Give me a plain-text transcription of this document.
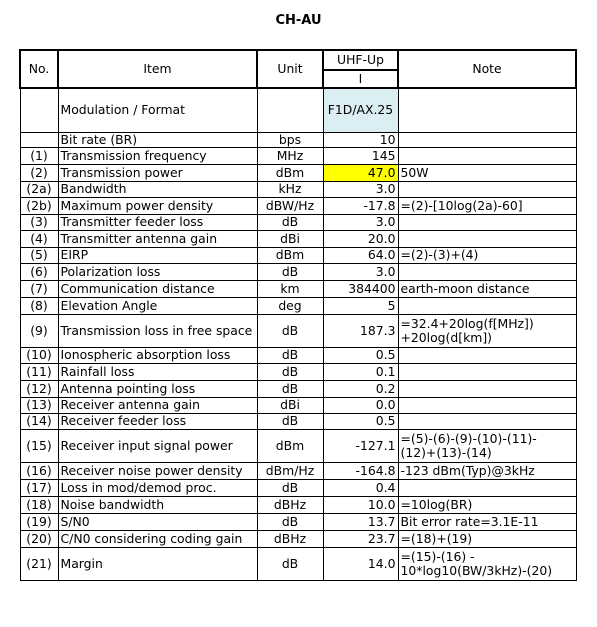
CH-AU
No.	Item	Unit	UHF-Up	Note
			I	
	Modulation / Format		F1D/AX.25	
	Bit rate (BR)	bps	10	
(1)	Transmission frequency	MHz	145	
(2)	Transmission power	dBm	47.0	50W
(2a)	Bandwidth	kHz	3.0	
(2b)	Maximum power density	dBW/Hz	-17.8	=(2)-[10log(2a)-60]
(3)	Transmitter feeder loss	dB	3.0	
(4)	Transmitter antenna gain	dBi	20.0	
(5)	EIRP	dBm	64.0	=(2)-(3)+(4)
(6)	Polarization loss	dB	3.0	
(7)	Communication distance	km	384400	earth-moon distance
(8)	Elevation Angle	deg	5	
(9)	Transmission loss in free space	dB	187.3	=32.4+20log(f[MHz])
+20log(d[km])

(10)	Ionospheric absorption loss	dB	0.5	
(11)	Rainfall loss	dB	0.1	
(12)	Antenna pointing loss	dB	0.2	
(13)	Receiver antenna gain	dBi	0.0	
(14)	Receiver feeder loss	dB	0.5	
(15)	Receiver input signal power	dBm	-127.1	=(5)-(6)-(9)-(10)-(11)-
(12)+(13)-(14)

(16)	Receiver noise power density	dBm/Hz	-164.8	-123 dBm(Typ)@3kHz
(17)	Loss in mod/demod proc.	dB	0.4	
(18)	Noise bandwidth	dBHz	10.0	=10log(BR)
(19)	S/N0	dB	13.7	Bit error rate=3.1E-11
(20)	C/N0 considering coding gain	dBHz	23.7	=(18)+(19)
(21)	Margin	dB	14.0	=(15)-(16) -
10*log10(BW/3kHz)-(20)
